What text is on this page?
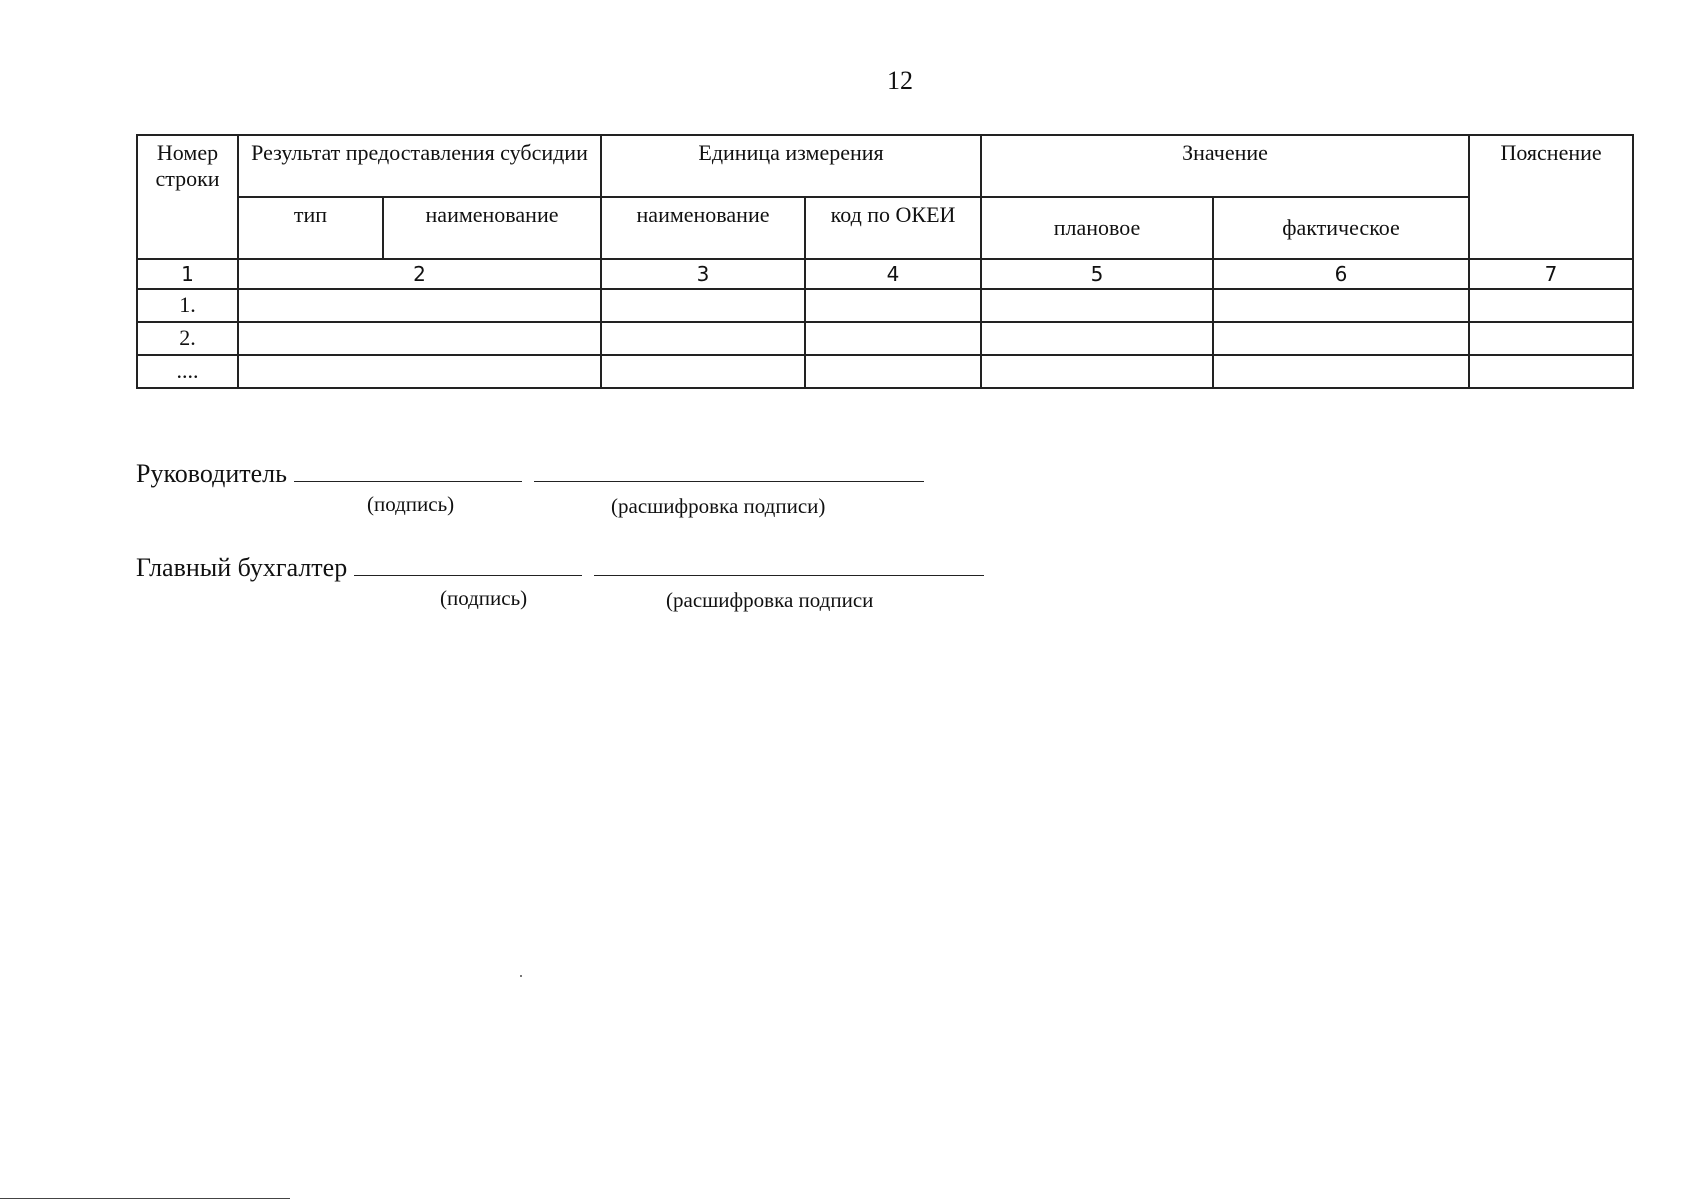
12
Номер строки	Результат предоставления субсидии		Единица измерения		Значение		Пояснение
	тип	наименование	наименование	код по ОКЕИ	плановое	фактическое	
1	2		3	4	5	6	7
1.							
2.							
....							
Руководитель
(подпись)	(расшифровка подписи)
Главный бухгалтер
(подпись)	(расшифровка подписи
